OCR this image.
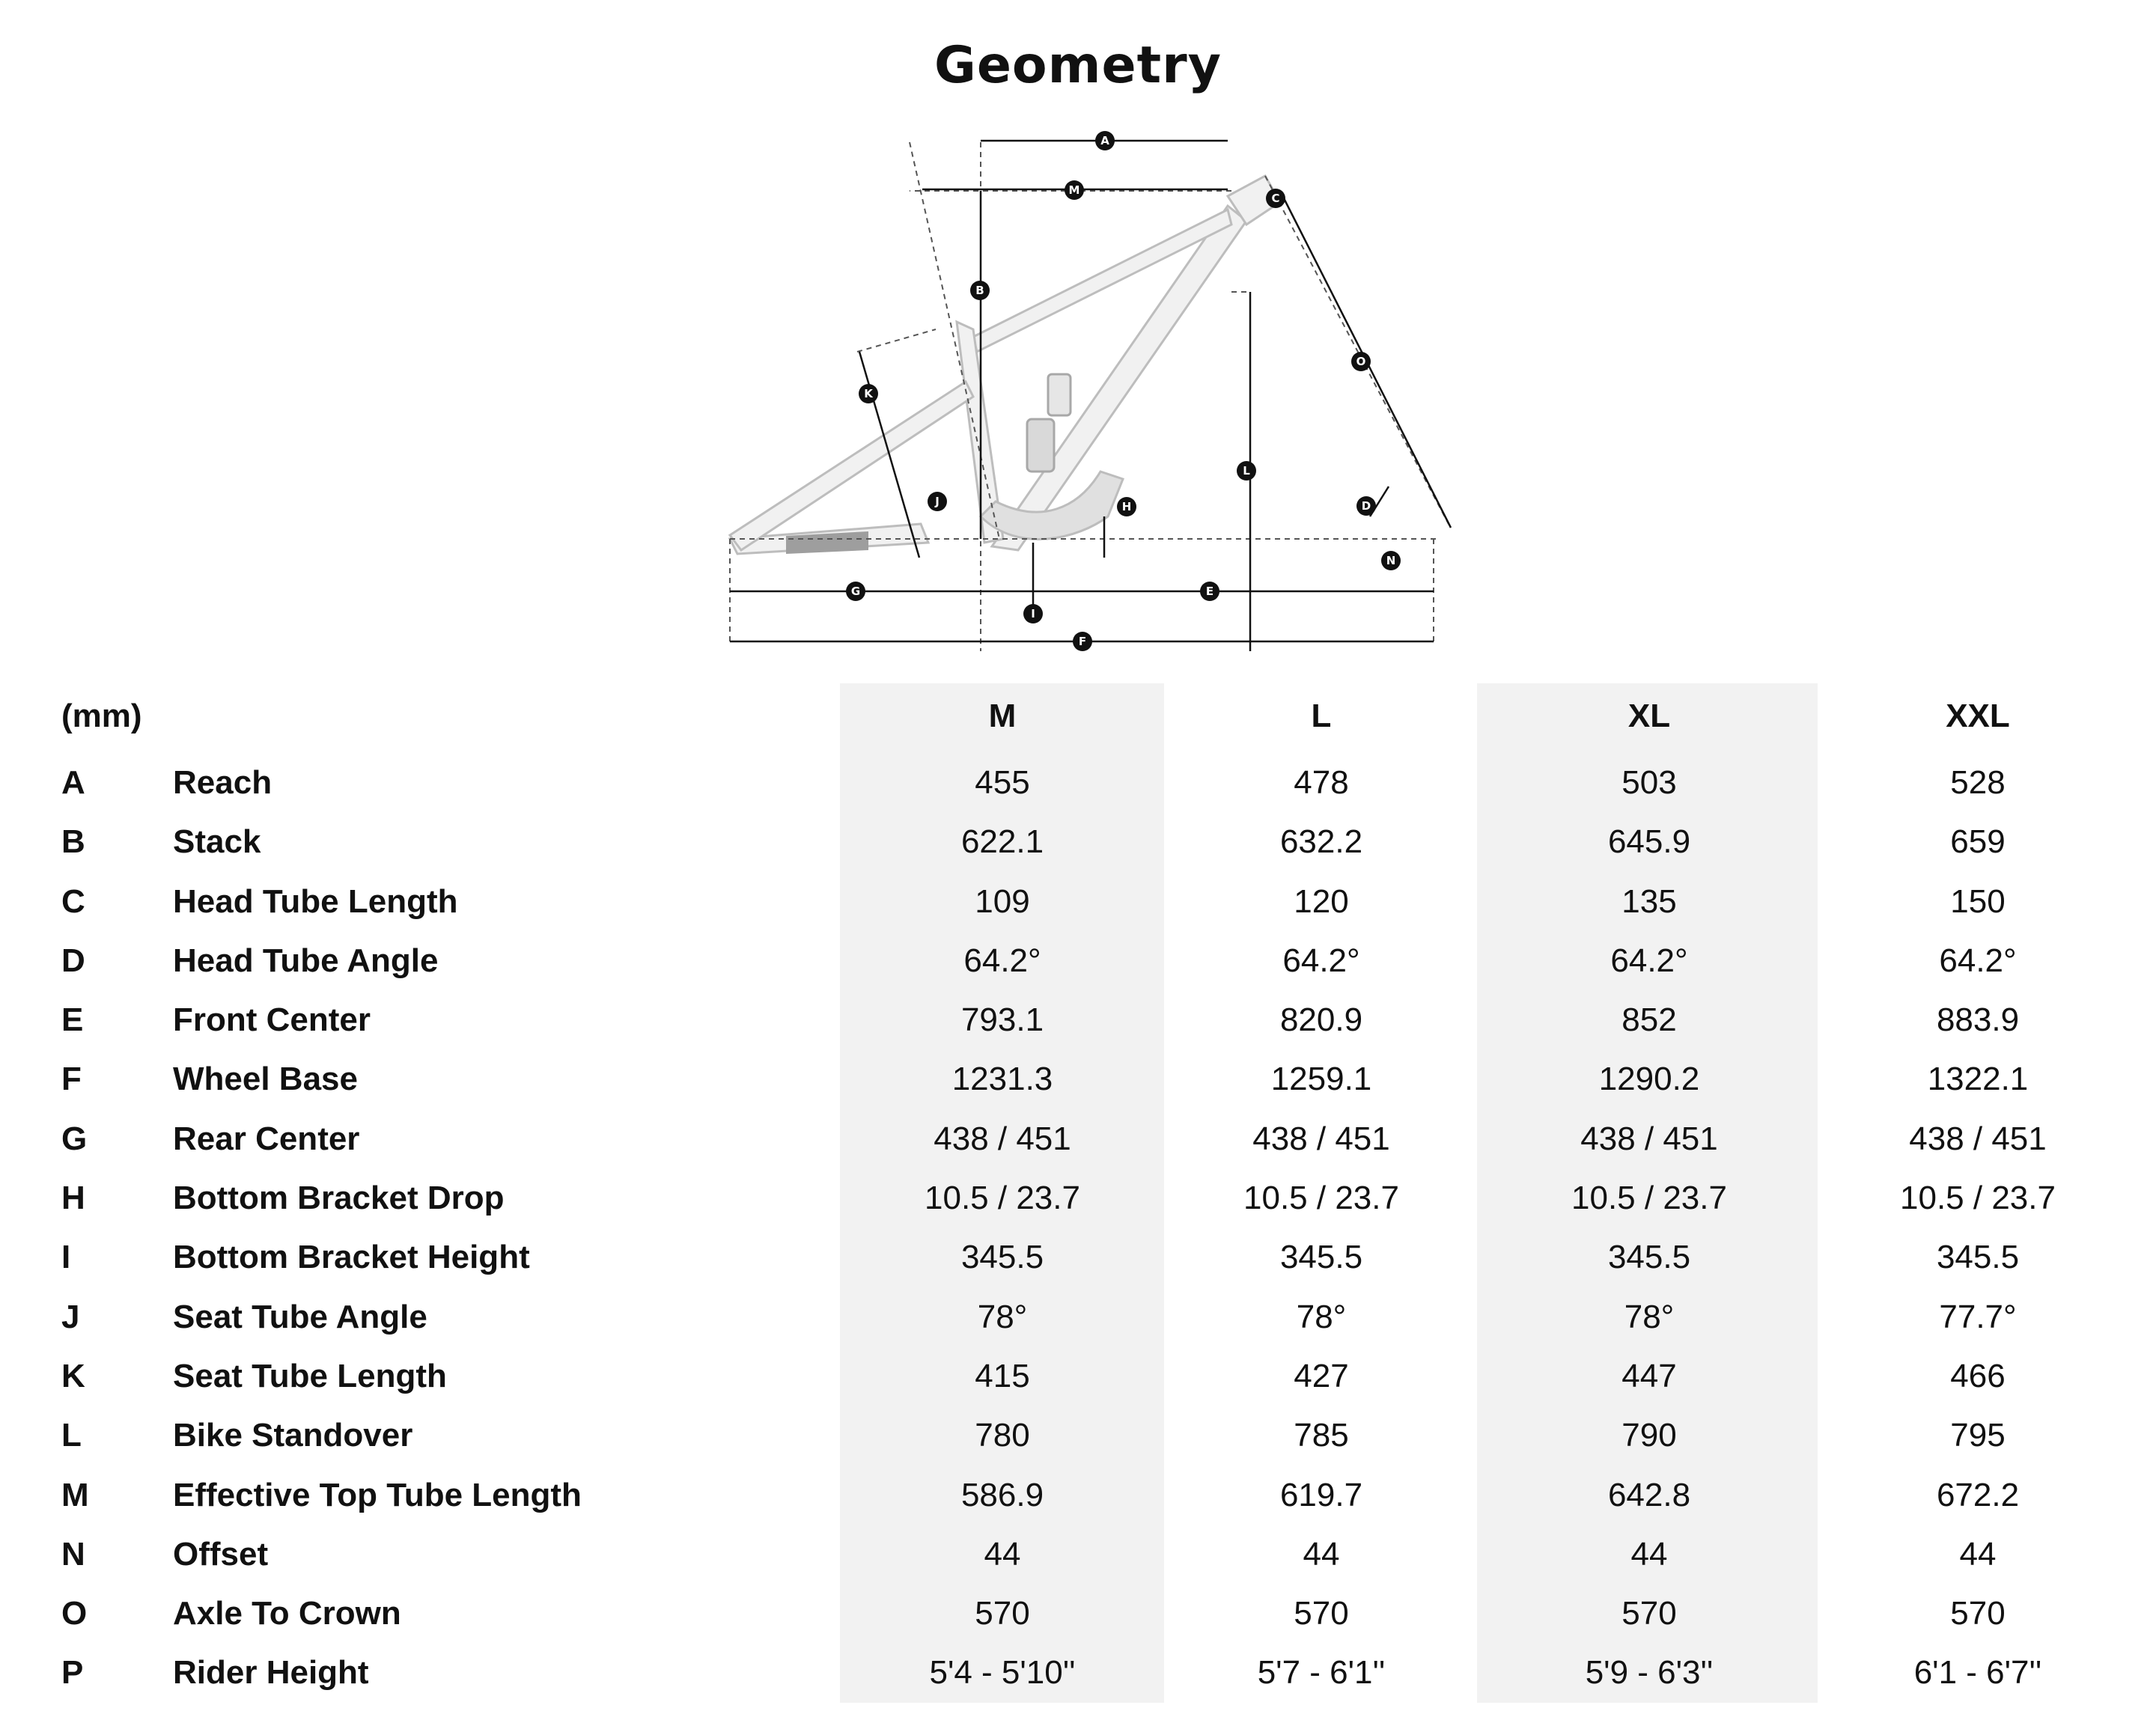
Geometry
A
M
C
B
O
K
L
J	H	D
N
G	E
I
F
(mm)	M	L	XL	XXL
A	Reach	455	478	503	528
B	Stack	622.1	632.2	645.9	659
C	Head Tube Length	109	120	135	150
D	Head Tube Angle	64.2°	64.2°	64.2°	64.2°
E	Front Center	793.1	820.9	852	883.9
F	Wheel Base	1231.3	1259.1	1290.2	1322.1
G	Rear Center	438 / 451	438 / 451	438 / 451	438 / 451
H	Bottom Bracket Drop	10.5 / 23.7	10.5 / 23.7	10.5 / 23.7	10.5 / 23.7
I	Bottom Bracket Height	345.5	345.5	345.5	345.5
J	Seat Tube Angle	78°	78°	78°	77.7°
K	Seat Tube Length	415	427	447	466
L	Bike Standover	780	785	790	795
M	Effective Top Tube Length	586.9	619.7	642.8	672.2
N	Offset	44	44	44	44
O	Axle To Crown	570	570	570	570
P	Rider Height	5'4 - 5'10''	5'7 - 6'1''	5'9 - 6'3''	6'1 - 6'7''
